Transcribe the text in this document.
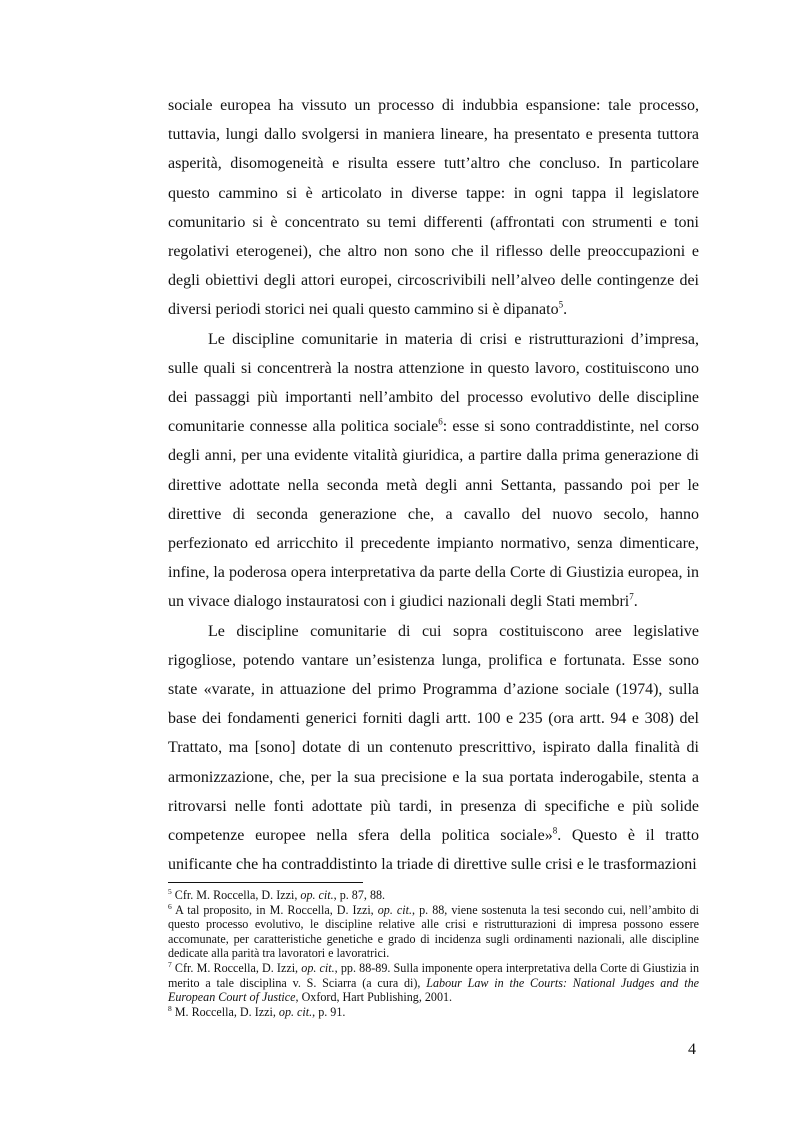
sociale europea ha vissuto un processo di indubbia espansione: tale processo, tuttavia, lungi dallo svolgersi in maniera lineare, ha presentato e presenta tuttora asperità, disomogeneità e risulta essere tutt’altro che concluso. In particolare questo cammino si è articolato in diverse tappe: in ogni tappa il legislatore comunitario si è concentrato su temi differenti (affrontati con strumenti e toni regolativi eterogenei), che altro non sono che il riflesso delle preoccupazioni e degli obiettivi degli attori europei, circoscrivibili nell’alveo delle contingenze dei diversi periodi storici nei quali questo cammino si è dipanato$^5$.

Le discipline comunitarie in materia di crisi e ristrutturazioni d’impresa, sulle quali si concentrerà la nostra attenzione in questo lavoro, costituiscono uno dei passaggi più importanti nell’ambito del processo evolutivo delle discipline comunitarie connesse alla politica sociale$^6$: esse si sono contraddistinte, nel corso degli anni, per una evidente vitalità giuridica, a partire dalla prima generazione di direttive adottate nella seconda metà degli anni Settanta, passando poi per le direttive di seconda generazione che, a cavallo del nuovo secolo, hanno perfezionato ed arricchito il precedente impianto normativo, senza dimenticare, infine, la poderosa opera interpretativa da parte della Corte di Giustizia europea, in un vivace dialogo instauratosi con i giudici nazionali degli Stati membri$^7$.

Le discipline comunitarie di cui sopra costituiscono aree legislative rigogliose, potendo vantare un’esistenza lunga, prolifica e fortunata. Esse sono state «varate, in attuazione del primo Programma d’azione sociale (1974), sulla base dei fondamenti generici forniti dagli artt. 100 e 235 (ora artt. 94 e 308) del Trattato, ma [sono] dotate di un contenuto prescrittivo, ispirato dalla finalità di armonizzazione, che, per la sua precisione e la sua portata inderogabile, stenta a ritrovarsi nelle fonti adottate più tardi, in presenza di specifiche e più solide competenze europee nella sfera della politica sociale»$^8$. Questo è il tratto unificante che ha contraddistinto la triade di direttive sulle crisi e le trasformazioni

$^5$ Cfr. M. Roccella, D. Izzi, op. cit., p. 87, 88.

$^6$ A tal proposito, in M. Roccella, D. Izzi, op. cit., p. 88, viene sostenuta la tesi secondo cui, nell’ambito di questo processo evolutivo, le discipline relative alle crisi e ristrutturazioni di impresa possono essere accomunate, per caratteristiche genetiche e grado di incidenza sugli ordinamenti nazionali, alle discipline dedicate alla parità tra lavoratori e lavoratrici.

$^7$ Cfr. M. Roccella, D. Izzi, op. cit., pp. 88-89. Sulla imponente opera interpretativa della Corte di Giustizia in merito a tale disciplina v. S. Sciarra (a cura di), Labour Law in the Courts: National Judges and the European Court of Justice, Oxford, Hart Publishing, 2001.

$^8$ M. Roccella, D. Izzi, op. cit., p. 91.

4
